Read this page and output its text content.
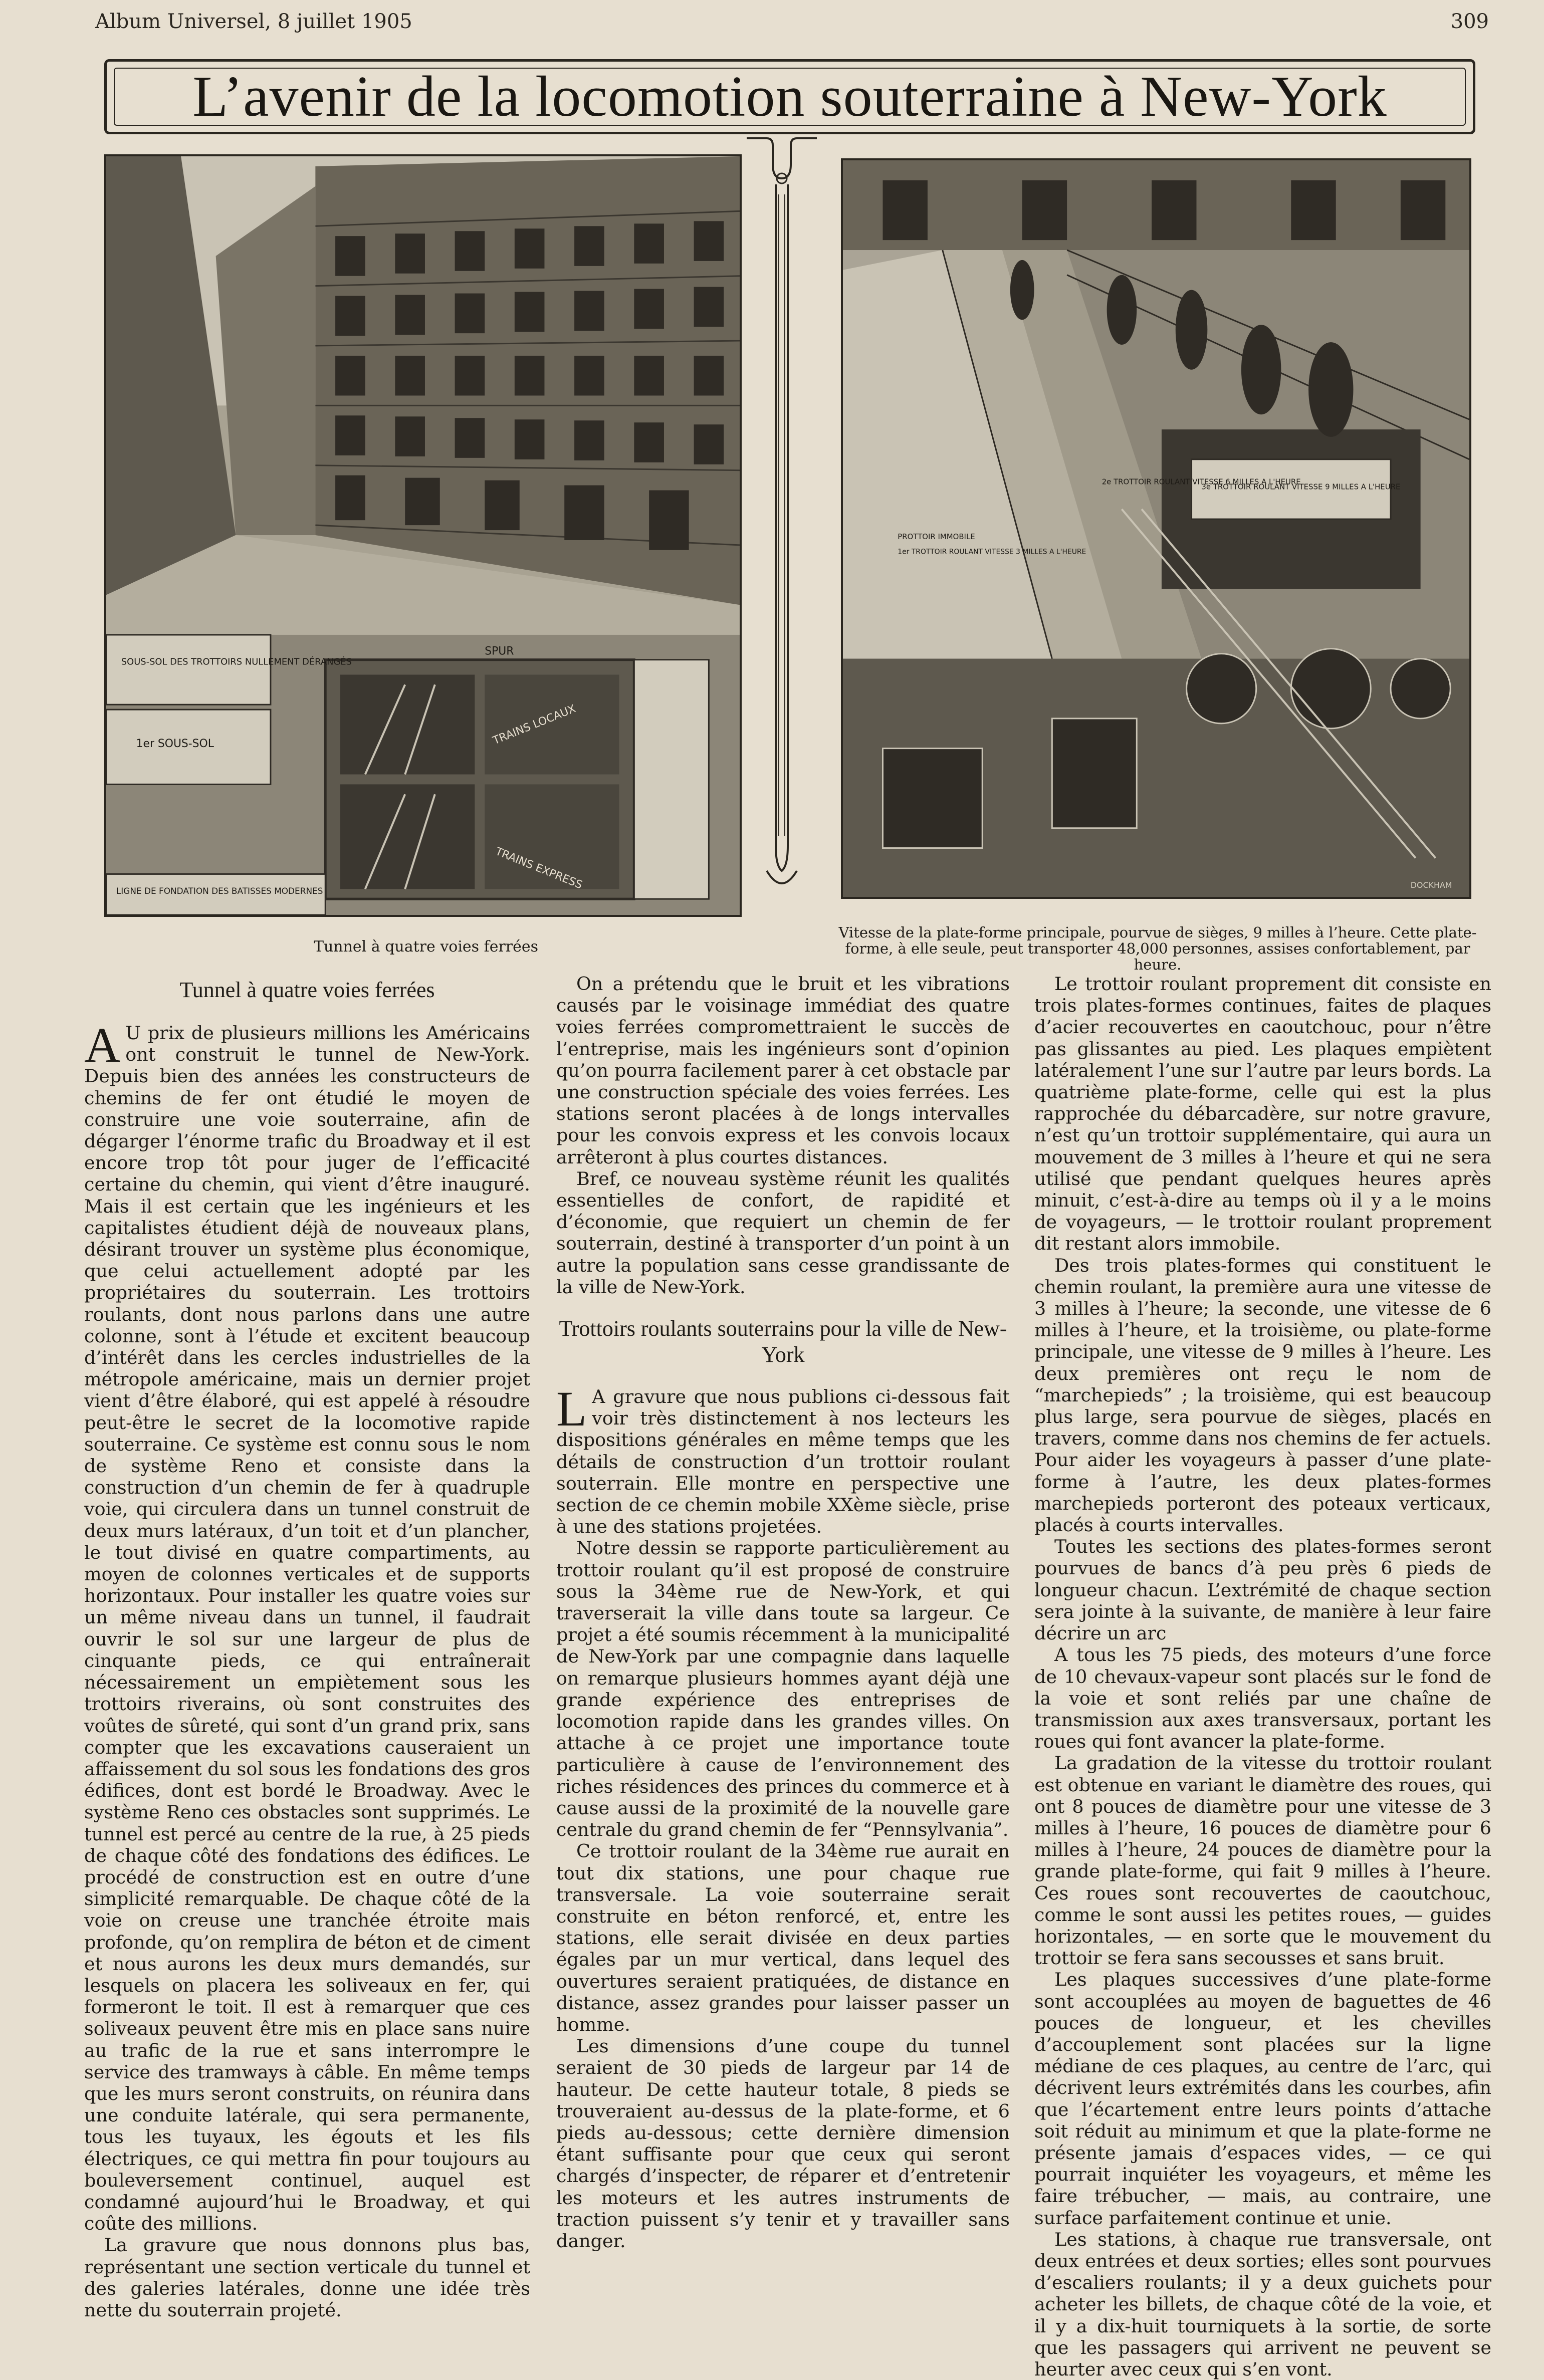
Album Universel, 8 juillet 1905	309
L’avenir de la locomotion souterraine à New-York
SOUS-SOL DES TROTTOIRS NULLEMENT DÉRANGÉS
1er SOUS-SOL
SPUR
TRAINS LOCAUX
TRAINS EXPRESS
LIGNE DE FONDATION DES BATISSES MODERNES
Tunnel à quatre voies ferrées
2e TROTTOIR ROULANT VITESSE 6 MILLES A L'HEURE
3e TROTTOIR ROULANT VITESSE 9 MILLES A L'HEURE
PROTTOIR IMMOBILE
1er TROTTOIR ROULANT VITESSE 3 MILLES A L'HEURE
DOCKHAM
Vitesse de la plate-forme principale, pourvue de sièges, 9 milles à l’heure. Cette plate-forme, à elle seule, peut transporter 48,000 personnes, assises confortablement, par heure.
Tunnel à quatre voies ferrées

A U prix de plusieurs millions les Américains ont construit le tunnel de New-York. Depuis bien des années les constructeurs de chemins de fer ont étudié le moyen de construire une voie souterraine, afin de dégarger l’énorme trafic du Broadway et il est encore trop tôt pour juger de l’efficacité certaine du chemin, qui vient d’être inauguré. Mais il est certain que les ingénieurs et les capitalistes étudient déjà de nouveaux plans, désirant trouver un système plus économique, que celui actuellement adopté par les propriétaires du souterrain. Les trottoirs roulants, dont nous parlons dans une autre colonne, sont à l’étude et excitent beaucoup d’intérêt dans les cercles industrielles de la métropole américaine, mais un dernier projet vient d’être élaboré, qui est appelé à résoudre peut-être le secret de la locomotive rapide souterraine. Ce système est connu sous le nom de système Reno et consiste dans la construction d’un chemin de fer à quadruple voie, qui circulera dans un tunnel construit de deux murs latéraux, d’un toit et d’un plancher, le tout divisé en quatre compartiments, au moyen de colonnes verticales et de supports horizontaux. Pour installer les quatre voies sur un même niveau dans un tunnel, il faudrait ouvrir le sol sur une largeur de plus de cinquante pieds, ce qui entraînerait nécessairement un empiètement sous les trottoirs riverains, où sont construites des voûtes de sûreté, qui sont d’un grand prix, sans compter que les excavations causeraient un affaissement du sol sous les fondations des gros édifices, dont est bordé le Broadway. Avec le système Reno ces obstacles sont supprimés. Le tunnel est percé au centre de la rue, à 25 pieds de chaque côté des fondations des édifices. Le procédé de construction est en outre d’une simplicité remarquable. De chaque côté de la voie on creuse une tranchée étroite mais profonde, qu’on remplira de béton et de ciment et nous aurons les deux murs demandés, sur lesquels on placera les soliveaux en fer, qui formeront le toit. Il est à remarquer que ces soliveaux peuvent être mis en place sans nuire au trafic de la rue et sans interrompre le service des tramways à câble. En même temps que les murs seront construits, on réunira dans une conduite latérale, qui sera permanente, tous les tuyaux, les égouts et les fils électriques, ce qui mettra fin pour toujours au bouleversement continuel, auquel est condamné aujourd’hui le Broadway, et qui coûte des millions.

La gravure que nous donnons plus bas, représentant une section verticale du tunnel et des galeries latérales, donne une idée très nette du souterrain projeté.

On a prétendu que le bruit et les vibrations causés par le voisinage immédiat des quatre voies ferrées compromettraient le succès de l’entreprise, mais les ingénieurs sont d’opinion qu’on pourra facilement parer à cet obstacle par une construction spéciale des voies ferrées. Les stations seront placées à de longs intervalles pour les convois express et les convois locaux arrêteront à plus courtes distances.

Bref, ce nouveau système réunit les qualités essentielles de confort, de rapidité et d’économie, que requiert un chemin de fer souterrain, destiné à transporter d’un point à un autre la population sans cesse grandissante de la ville de New-York.

Trottoirs roulants souterrains pour la ville de New-York

L A gravure que nous publions ci-dessous fait voir très distinctement à nos lecteurs les dispositions générales en même temps que les détails de construction d’un trottoir roulant souterrain. Elle montre en perspective une section de ce chemin mobile XXème siècle, prise à une des stations projetées.

Notre dessin se rapporte particulièrement au trottoir roulant qu’il est proposé de construire sous la 34ème rue de New-York, et qui traverserait la ville dans toute sa largeur. Ce projet a été soumis récemment à la municipalité de New-York par une compagnie dans laquelle on remarque plusieurs hommes ayant déjà une grande expérience des entreprises de locomotion rapide dans les grandes villes. On attache à ce projet une importance toute particulière à cause de l’environnement des riches résidences des princes du commerce et à cause aussi de la proximité de la nouvelle gare centrale du grand chemin de fer “Pennsylvania”.

Ce trottoir roulant de la 34ème rue aurait en tout dix stations, une pour chaque rue transversale. La voie souterraine serait construite en béton renforcé, et, entre les stations, elle serait divisée en deux parties égales par un mur vertical, dans lequel des ouvertures seraient pratiquées, de distance en distance, assez grandes pour laisser passer un homme.

Les dimensions d’une coupe du tunnel seraient de 30 pieds de largeur par 14 de hauteur. De cette hauteur totale, 8 pieds se trouveraient au-dessus de la plate-forme, et 6 pieds au-dessous; cette dernière dimension étant suffisante pour que ceux qui seront chargés d’inspecter, de réparer et d’entretenir les moteurs et les autres instruments de traction puissent s’y tenir et y travailler sans danger.

Le trottoir roulant proprement dit consiste en trois plates-formes continues, faites de plaques d’acier recouvertes en caoutchouc, pour n’être pas glissantes au pied. Les plaques empiètent latéralement l’une sur l’autre par leurs bords. La quatrième plate-forme, celle qui est la plus rapprochée du débarcadère, sur notre gravure, n’est qu’un trottoir supplémentaire, qui aura un mouvement de 3 milles à l’heure et qui ne sera utilisé que pendant quelques heures après minuit, c’est-à-dire au temps où il y a le moins de voyageurs, — le trottoir roulant proprement dit restant alors immobile.

Des trois plates-formes qui constituent le chemin roulant, la première aura une vitesse de 3 milles à l’heure; la seconde, une vitesse de 6 milles à l’heure, et la troisième, ou plate-forme principale, une vitesse de 9 milles à l’heure. Les deux premières ont reçu le nom de “marchepieds” ; la troisième, qui est beaucoup plus large, sera pourvue de sièges, placés en travers, comme dans nos chemins de fer actuels. Pour aider les voyageurs à passer d’une plate-forme à l’autre, les deux plates-formes marchepieds porteront des poteaux verticaux, placés à courts intervalles.

Toutes les sections des plates-formes seront pourvues de bancs d’à peu près 6 pieds de longueur chacun. L’extrémité de chaque section sera jointe à la suivante, de manière à leur faire décrire un arc

A tous les 75 pieds, des moteurs d’une force de 10 chevaux-vapeur sont placés sur le fond de la voie et sont reliés par une chaîne de transmission aux axes transversaux, portant les roues qui font avancer la plate-forme.

La gradation de la vitesse du trottoir roulant est obtenue en variant le diamètre des roues, qui ont 8 pouces de diamètre pour une vitesse de 3 milles à l’heure, 16 pouces de diamètre pour 6 milles à l’heure, 24 pouces de diamètre pour la grande plate-forme, qui fait 9 milles à l’heure. Ces roues sont recouvertes de caoutchouc, comme le sont aussi les petites roues, — guides horizontales, — en sorte que le mouvement du trottoir se fera sans secousses et sans bruit.

Les plaques successives d’une plate-forme sont accouplées au moyen de baguettes de 46 pouces de longueur, et les chevilles d’accouplement sont placées sur la ligne médiane de ces plaques, au centre de l’arc, qui décrivent leurs extrémités dans les courbes, afin que l’écartement entre leurs points d’attache soit réduit au minimum et que la plate-forme ne présente jamais d’espaces vides, — ce qui pourrait inquiéter les voyageurs, et même les faire trébucher, — mais, au contraire, une surface parfaitement continue et unie.

Les stations, à chaque rue transversale, ont deux entrées et deux sorties; elles sont pourvues d’escaliers roulants; il y a deux guichets pour acheter les billets, de chaque côté de la voie, et il y a dix-huit tourniquets à la sortie, de sorte que les passagers qui arrivent ne peuvent se heurter avec ceux qui s’en vont.
